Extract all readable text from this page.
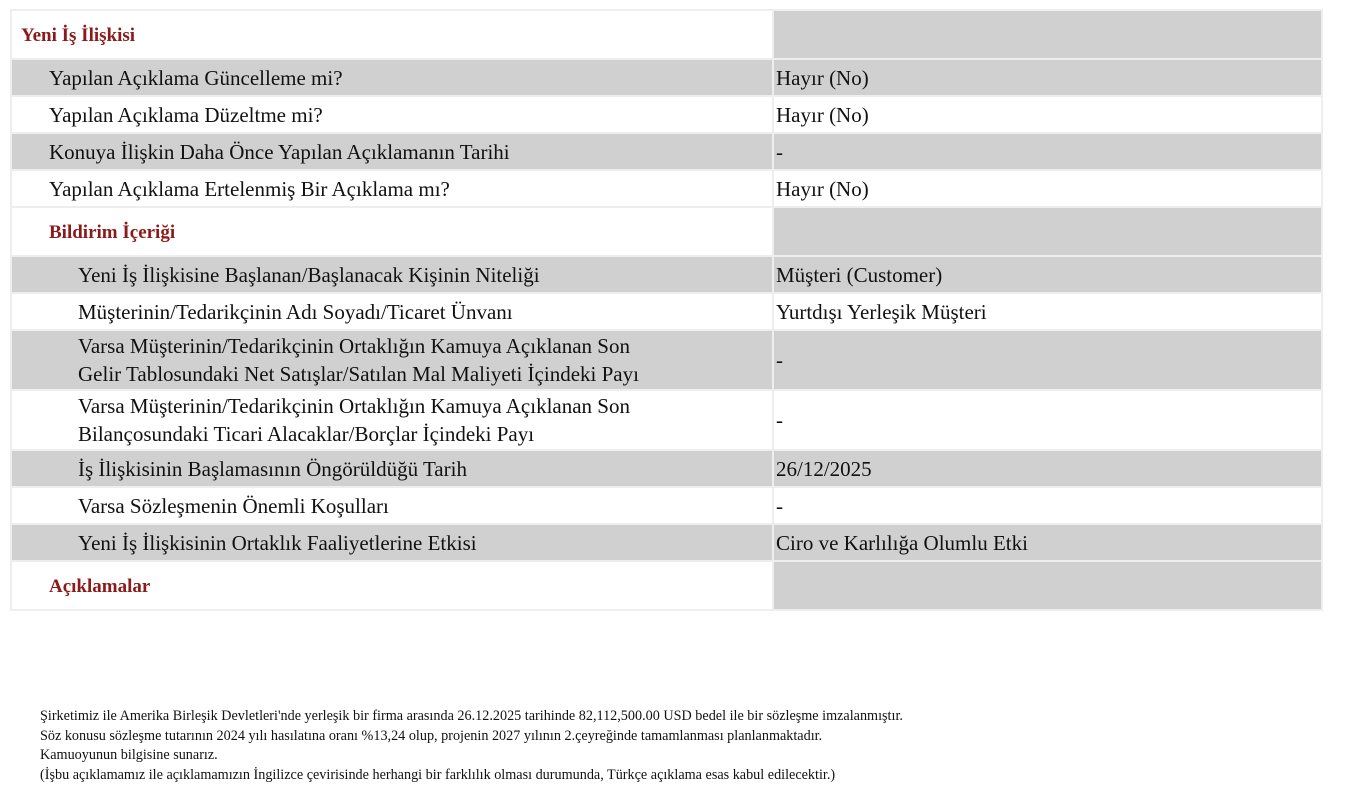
Yeni İş İlişkisi	
Yapılan Açıklama Güncelleme mi?	Hayır (No)
Yapılan Açıklama Düzeltme mi?	Hayır (No)
Konuya İlişkin Daha Önce Yapılan Açıklamanın Tarihi	-
Yapılan Açıklama Ertelenmiş Bir Açıklama mı?	Hayır (No)
Bildirim İçeriği	
Yeni İş İlişkisine Başlanan/Başlanacak Kişinin Niteliği	Müşteri (Customer)
Müşterinin/Tedarikçinin Adı Soyadı/Ticaret Ünvanı	Yurtdışı Yerleşik Müşteri

Varsa Müşterinin/Tedarikçinin Ortaklığın Kamuya Açıklanan Son
Gelir Tablosundaki Net Satışlar/Satılan Mal Maliyeti İçindeki Payı	-

Varsa Müşterinin/Tedarikçinin Ortaklığın Kamuya Açıklanan Son
Bilançosundaki Ticari Alacaklar/Borçlar İçindeki Payı	-
İş İlişkisinin Başlamasının Öngörüldüğü Tarih	26/12/2025
Varsa Sözleşmenin Önemli Koşulları	-
Yeni İş İlişkisinin Ortaklık Faaliyetlerine Etkisi	Ciro ve Karlılığa Olumlu Etki
Açıklamalar	
Şirketimiz ile Amerika Birleşik Devletleri'nde yerleşik bir firma arasında 26.12.2025 tarihinde 82,112,500.00 USD bedel ile bir sözleşme imzalanmıştır.
Söz konusu sözleşme tutarının 2024 yılı hasılatına oranı %13,24 olup, projenin 2027 yılının 2.çeyreğinde tamamlanması planlanmaktadır.
Kamuoyunun bilgisine sunarız.
(İşbu açıklamamız ile açıklamamızın İngilizce çevirisinde herhangi bir farklılık olması durumunda, Türkçe açıklama esas kabul edilecektir.)
